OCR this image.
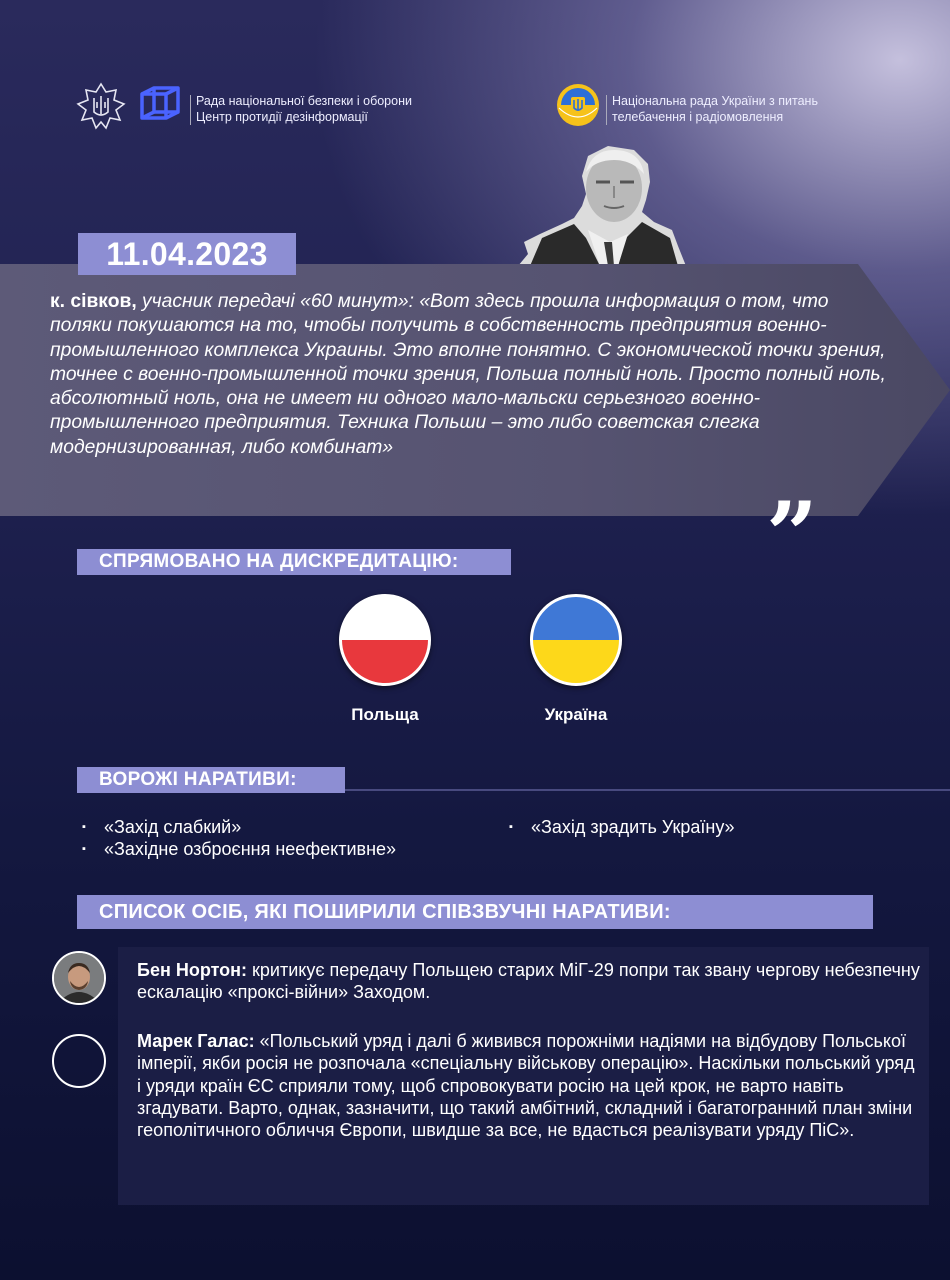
Рада національної безпеки і оборони
Центр протидії дезінформації
Національна рада України з питань
телебачення і радіомовлення
11.04.2023
к. сівков, учасник передачі «60 минут»: «Вот здесь прошла информация о том, что поляки покушаются на то, чтобы получить в собственность предприятия военно-промышленного комплекса Украины. Это вполне понятно. С экономической точки зрения, точнее с военно-промышленной точки зрения, Польша полный ноль. Просто полный ноль, абсолютный ноль, она не имеет ни одного мало-мальски серьезного военно-промышленного предприятия. Техника Польши – это либо советская слегка модернизированная, либо комбинат»
”
СПРЯМОВАНО НА ДИСКРЕДИТАЦІЮ:
Польща	Україна
ВОРОЖІ НАРАТИВИ:
▪ «Захід слабкий»
▪ «Західне озброєння неефективне»
▪ «Захід зрадить Україну»
СПИСОК ОСІБ, ЯКІ ПОШИРИЛИ СПІВЗВУЧНІ НАРАТИВИ:
Бен Нортон: критикує передачу Польщею старих МіГ-29 попри так звану чергову небезпечну ескалацію «проксі-війни» Заходом.
Марек Галас: «Польський уряд і далі б живився порожніми надіями на відбудову Польської імперії, якби росія не розпочала «спеціальну військову операцію». Наскільки польський уряд і уряди країн ЄС сприяли тому, щоб спровокувати росію на цей крок, не варто навіть згадувати. Варто, однак, зазначити, що такий амбітний, складний і багатогранний план зміни геополітичного обличчя Європи, швидше за все, не вдасться реалізувати уряду ПіС».
